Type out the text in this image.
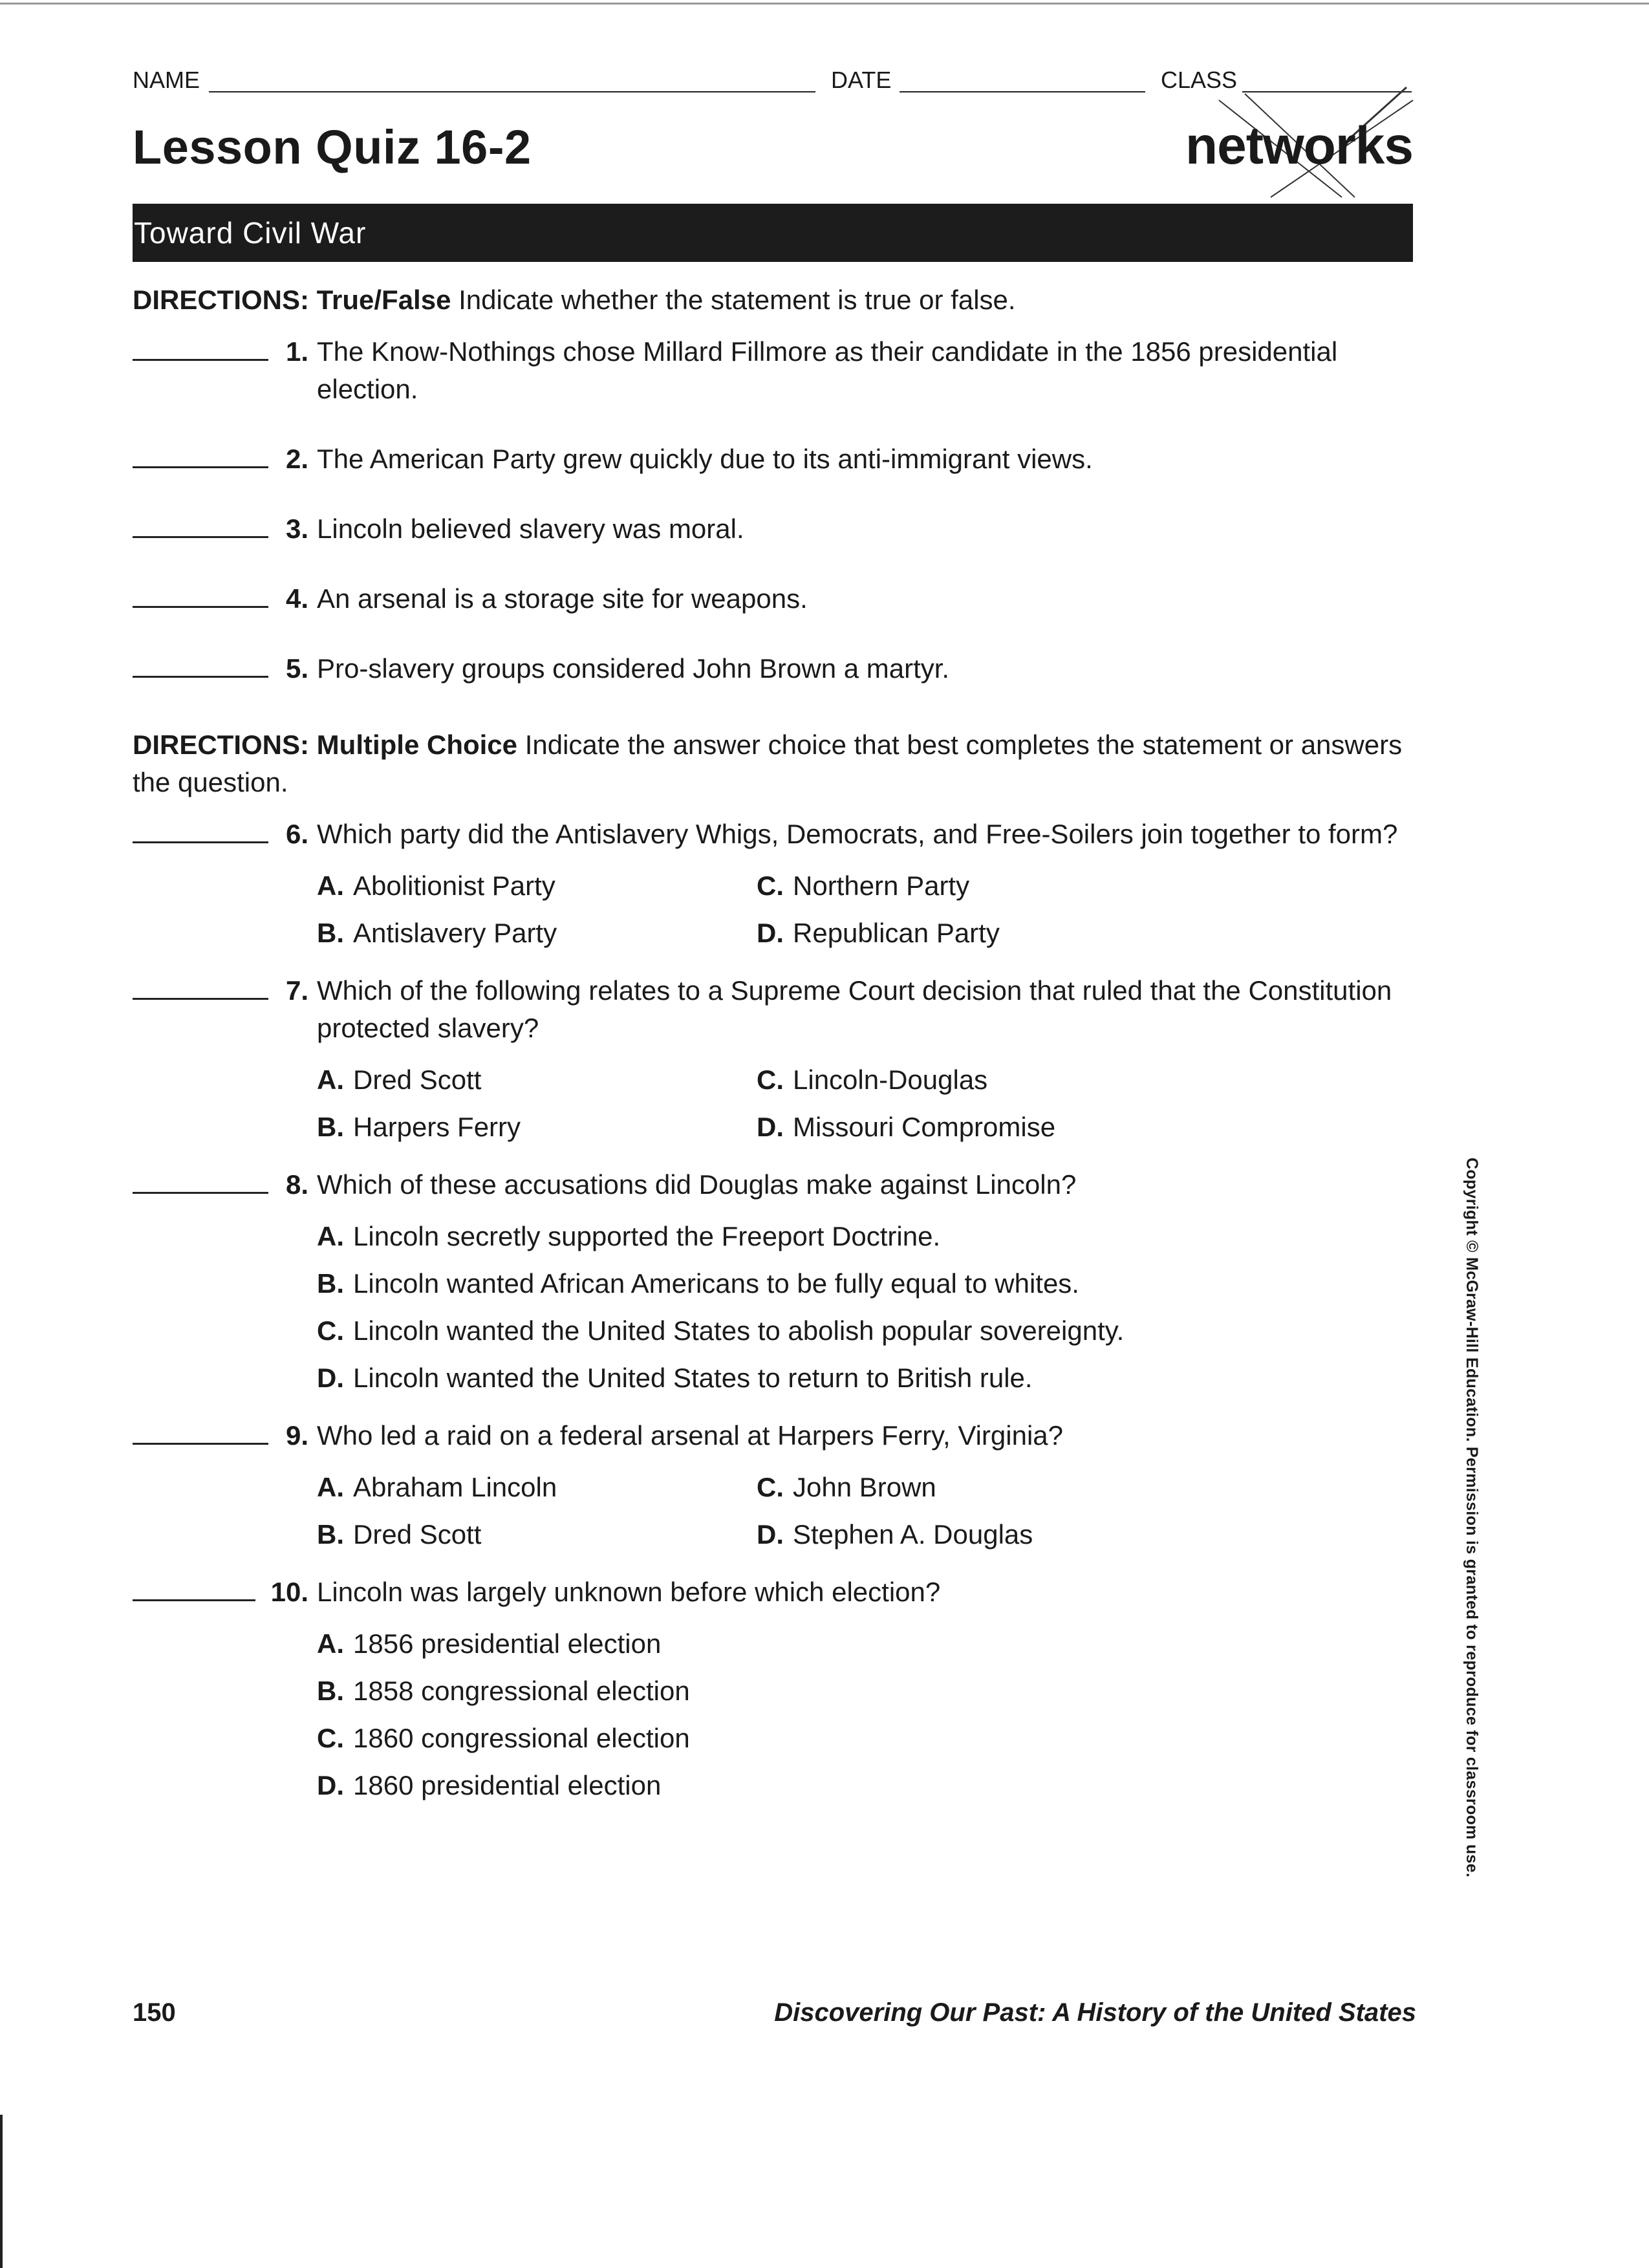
NAME	DATE	CLASS
Lesson Quiz 16-2	networks
Toward Civil War
DIRECTIONS: True/False Indicate whether the statement is true or false.
1. The Know-Nothings chose Millard Fillmore as their candidate in the 1856 presidential election.
2. The American Party grew quickly due to its anti-immigrant views.
3. Lincoln believed slavery was moral.
4. An arsenal is a storage site for weapons.
5. Pro-slavery groups considered John Brown a martyr.
DIRECTIONS: Multiple Choice Indicate the answer choice that best completes the statement or answers the question.
6. Which party did the Antislavery Whigs, Democrats, and Free-Soilers join together to form?
A. Abolitionist Party	C. Northern Party
B. Antislavery Party	D. Republican Party
7. Which of the following relates to a Supreme Court decision that ruled that the Constitution protected slavery?
A. Dred Scott	C. Lincoln-Douglas
B. Harpers Ferry	D. Missouri Compromise
8. Which of these accusations did Douglas make against Lincoln?
A. Lincoln secretly supported the Freeport Doctrine.
B. Lincoln wanted African Americans to be fully equal to whites.
C. Lincoln wanted the United States to abolish popular sovereignty.
D. Lincoln wanted the United States to return to British rule.
9. Who led a raid on a federal arsenal at Harpers Ferry, Virginia?
A. Abraham Lincoln	C. John Brown
B. Dred Scott	D. Stephen A. Douglas
10. Lincoln was largely unknown before which election?
A. 1856 presidential election
B. 1858 congressional election
C. 1860 congressional election
D. 1860 presidential election
150	Discovering Our Past: A History of the United States
Copyright © McGraw-Hill Education. Permission is granted to reproduce for classroom use.
